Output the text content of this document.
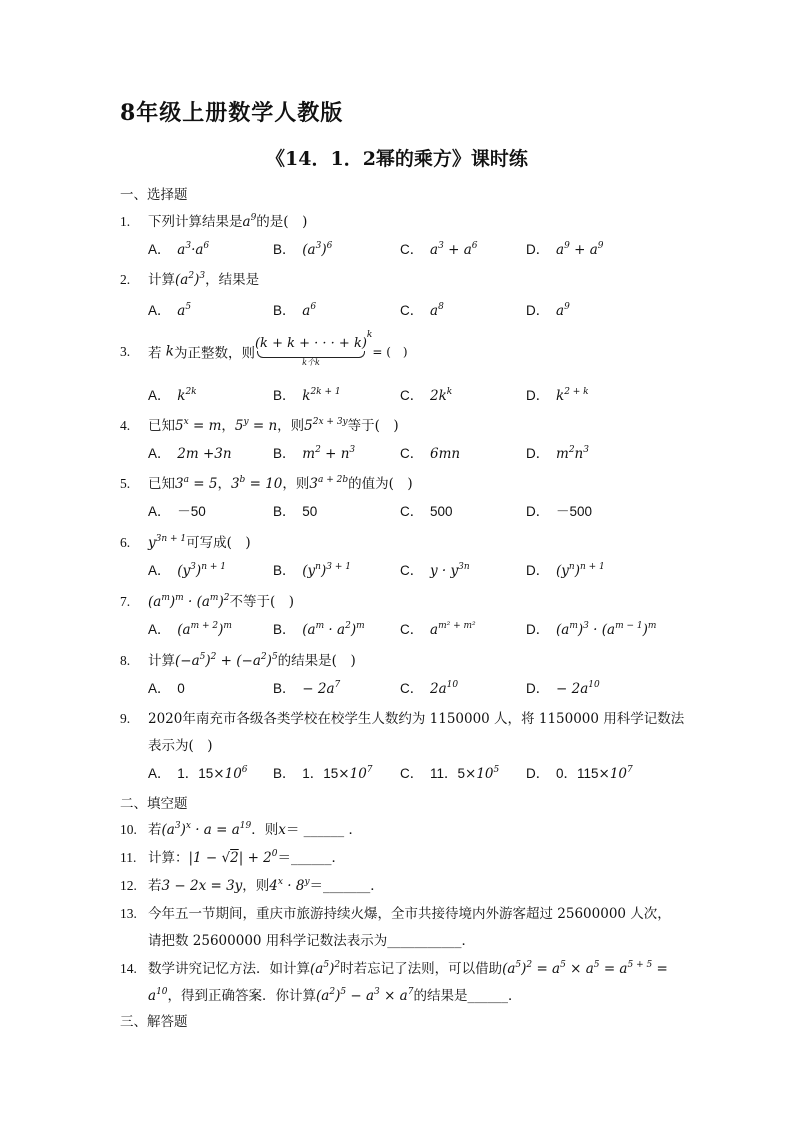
8年级上册数学人教版
《14．1．2幂的乘方》课时练
一、选择题
1. 下列计算结果是$a^9$的是(　)
A．　 $a^3\cdot a^6$	B．　 $(a^3)^6$	C．　 $a^3 + a^6$	D．　 $a^9 + a^9$
2. 计算$(a^2)^3$，结果是
A．　 $a^5$	B．　 $a^6$	C．　 $a^8$	D．　 $a^9$
3. 若 k为正整数，则(k + k + · · · + k)
k个k
$^k$= (　)
A．　 $k^{2k}$	B．　 $k^{2k + 1}$	C．　 $2k^k$	D．　 $k^{2 + k}$
4. 已知$5^x = m$，$5^y = n$，则$5^{2x + 3y}$等于(　)
A．　 2m +3n	B．　 $m^2 + n^3$	C．　 6mn	D．　 $m^2n^3$
5. 已知$3^a = 5$，$3^b = 10$，则$3^{a + 2b}$的值为(　)
A．　 －50	B．　 50	C．　 500	D．　 －500
6. $y^{3n + 1}$可写成(　)
A．　 $(y^3)^{n + 1}$	B．　 $(y^n)^{3 + 1}$	C．　 $y \cdot y^{3n}$	D．　 $(y^n)^{n + 1}$
7. $(a^m)^m \cdot (a^m)^2$不等于(　)
A．　 $(a^{m + 2})^m$	B．　 $(a^m \cdot a^2)^m$	C．　 $a^{m^2 + m^2}$	D．　 $(a^m)^3 \cdot (a^{m - 1})^m$
8. 计算$(-a^5)^2 + (-a^2)^5$的结果是(　)
A．　 0	B．　 − $2a^7$	C．　 $2a^{10}$	D．　 − $2a^{10}$
9. 2020年南充市各级各类学校在校学生人数约为 1150000 人，将 1150000 用科学记数法
表示为(　)
A．　 1．$15\times 10^6$ B．　 1．$15\times 10^7$ C．　 11．$5\times 10^5$ D．　 0．$115\times 10^7$
二、填空题
10. 若$(a^3)^x \cdot a = a^{19}$．则x＝ ______ ．
11. 计算：$|1 - √2| + 2^0=\_\_\_\_\_\_$．
12. 若3 − 2x = 3y，则$4^x$ · $8^y=\_\_\_\_\_\_\_$．
13. 今年五一节期间，重庆市旅游持续火爆，全市共接待境内外游客超过 25600000 人次，
请把数 25600000 用科学记数法表示为___________．
14. 数学讲究记忆方法．如计算$(a^5)^2$时若忘记了法则，可以借助$(a^5)^2 = a^5 \times a^5 = a^{5 + 5}$ =
$a^{10}$，得到正确答案．你计算$(a^2)^5 - a^3 \times a^7$的结果是______．
三、解答题
